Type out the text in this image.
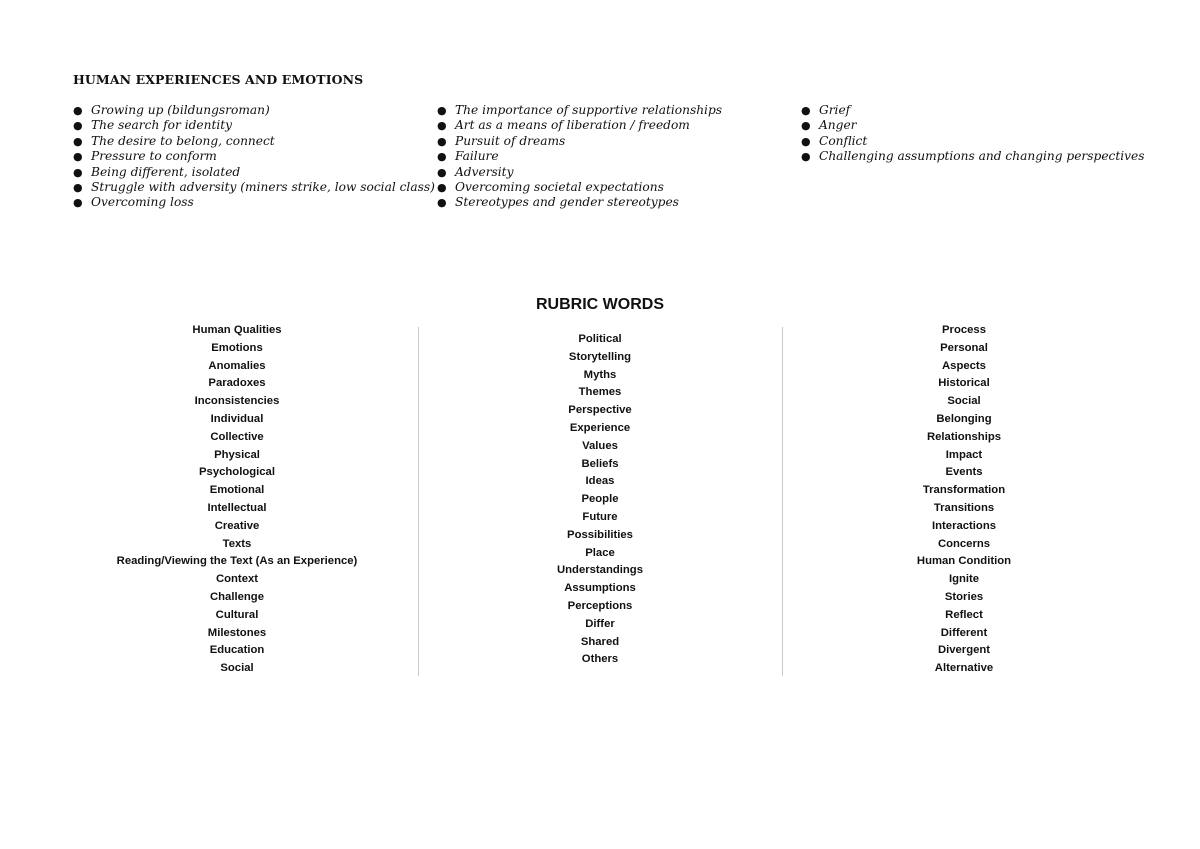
HUMAN EXPERIENCES AND EMOTIONS
● Growing up (bildungsroman)
● The search for identity
● The desire to belong, connect
● Pressure to conform
● Being different, isolated
● Struggle with adversity (miners strike, low social class)
● Overcoming loss
● The importance of supportive relationships
● Art as a means of liberation / freedom
● Pursuit of dreams
● Failure
● Adversity
● Overcoming societal expectations
● Stereotypes and gender stereotypes
● Grief
● Anger
● Conflict
● Challenging assumptions and changing perspectives
RUBRIC WORDS
Human Qualities
Emotions
Anomalies
Paradoxes
Inconsistencies
Individual
Collective
Physical
Psychological
Emotional
Intellectual
Creative
Texts
Reading/Viewing the Text (As an Experience)
Context
Challenge
Cultural
Milestones
Education
Social
Political
Storytelling
Myths
Themes
Perspective
Experience
Values
Beliefs
Ideas
People
Future
Possibilities
Place
Understandings
Assumptions
Perceptions
Differ
Shared
Others
Process
Personal
Aspects
Historical
Social
Belonging
Relationships
Impact
Events
Transformation
Transitions
Interactions
Concerns
Human Condition
Ignite
Stories
Reflect
Different
Divergent
Alternative
